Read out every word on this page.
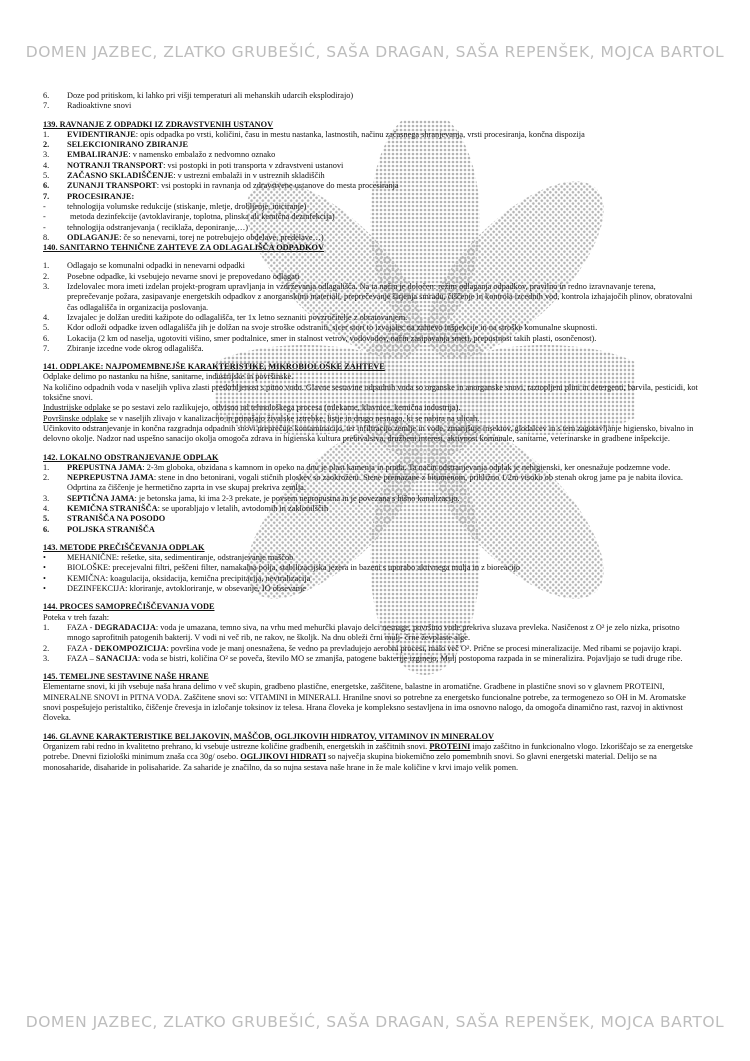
DOMEN JAZBEC, ZLATKO GRUBEŠIĆ, SAŠA DRAGAN, SAŠA REPENŠEK, MOJCA BARTOL
6.	Doze pod pritiskom, ki lahko pri višji temperaturi ali mehanskih udarcih eksplodirajo)
7.	Radioaktivne snovi
139. RAVNANJE Z ODPADKI IZ ZDRAVSTVENIH USTANOV
1.	EVIDENTIRANJE: opis odpadka po vrsti, količini, času in mestu nastanka, lastnostih, načinu začasnega shranjevanja, vrsti procesiranja, končna dispozija
2.	SELEKCIONIRANO ZBIRANJE
3.	EMBALIRANJE: v namensko embalažo z nedvomno oznako
4.	NOTRANJI TRANSPORT: vsi postopki in poti transporta v zdravstveni ustanovi
5.	ZAČASNO SKLADIŠČENJE: v ustrezni embalaži in v ustreznih skladiščih
6.	ZUNANJI TRANSPORT: vsi postopki in ravnanja od zdravstvene ustanove do mesta procesiranja
7.	PROCESIRANJE:
-	tehnologija volumske redukcije (stiskanje, mletje, drobljenje, iniciranje)
-	metoda dezinfekcije (avtoklaviranje, toplotna, plinska ali kemična dezinfekcija)
-	tehnologija odstranjevanja ( reciklaža, deponiranje,…)
8.	ODLAGANJE: če so nenevarni, torej ne potrebujejo obdelave, predelave…)
140. SANITARNO TEHNIČNE ZAHTEVE ZA ODLAGALIŠČA ODPADKOV
1.	Odlagajo se komunalni odpadki in nenevarni odpadki
2.	Posebne odpadke, ki vsebujejo nevarne snovi je prepovedano odlagati
3.	Izdelovalec mora imeti izdelan projekt-program upravljanja in vzdrževanja odlagališča. Na ta način je določen: režim odlaganja odpadkov, pravilno in redno izravnavanje terena, preprečevanje požara, zasipavanje energetskih odpadkov z anorganskimi materiali, preprečevanje širjenja smradu, čiščenje in kontrola izcednih vod, kontrola izhajajočih plinov, obratovalni čas odlagališča in organizacija poslovanja.
4.	Izvajalec je dolžan urediti kažipote do odlagališča, ter 1x letno seznaniti povzročitelje z obratovanjem.
5.	Kdor odloži odpadke izven odlagališča jih je dolžan na svoje stroške odstraniti, sicer stori to izvajalec na zahtevo inšpekcije in na stroške komunalne skupnosti.
6.	Lokacija (2 km od naselja, ugotoviti višino, smer podtalnice, smer in stalnost vetrov, vodovodov, način zasipavanja smeti, prepustnost takih plasti, osončenost).
7.	Zbiranje izcedne vode okrog odlagališča.
141. ODPLAKE: NAJPOMEMBNEJŠE KARAKTERISTIKE, MIKROBIOLOŠKE ZAHTEVE
Odplake delimo po nastanku na hišne, sanitarne, industrijske in površinske.
Na količino odpadnih voda v naseljih vpliva zlasti preskrbljenost s pitno vodo. Glavne sestavine odpadnih voda so organske in anorganske snovi, raztopljeni plini in detergenti, barvila, pesticidi, kot toksične snovi.
Industrijske odplake se po sestavi zelo razlikujejo, odvisno od tehnološkega procesa (mlekarne, klavnice, kemična industrija).
Površinske odplake se v naseljih zlivajo v kanalizacijo in prinašajo živalske iztrebke, listje in drugo nesnago, ki se nabira na ulicah.
Učinkovito odstranjevanje in končna razgradnja odpadnih snovi preprečuje kontaminacijo, ter infiltracijo zemlje in vode, zmanjšuje insektov, glodalcev in s tem zagotavljanje higiensko, bivalno in delovno okolje. Nadzor nad uspešno sanacijo okolja omogoča zdrava in higienska kultura prebivalstva, družbeni interesi, aktivnost komunale, sanitarne, veterinarske in gradbene inšpekcije.
142. LOKALNO ODSTRANJEVANJE ODPLAK
1.	PREPUSTNA JAMA: 2-3m globoka, obzidana s kamnom in opeko na dnu je plast kamenja in proda. Ta način odstranjevanja odplak je nehigienski, ker onesnažuje podzemne vode.
2.	NEPREPUSTNA JAMA: stene in dno betonirani, vogali stičnih ploskev so zaokroženi. Stene premazane z bitumenom, približno 1/2m visoko ob stenah okrog jame pa je nabita ilovica. Odprtina za čiščenje je hermetično zaprta in vse skupaj prekriva zemlja.
3.	SEPTIČNA JAMA: je betonska jama, ki ima 2-3 prekate, je povsem nepropustna in je povezana s hišno kanalizacijo.
4.	KEMIČNA STRANIŠČA: se uporabljajo v letalih, avtodomih in zaklonilščih
5.	STRANIŠČA NA POSODO
6.	POLJSKA STRANIŠČA
143. METODE PREČIŠČEVANJA ODPLAK
•	MEHANIČNE: rešetke, sita, sedimentiranje, odstranjevanje maščob
•	BIOLOŠKE: precejevalni filtri, peščeni filter, namakalna polja, stabilizacijska jezera in bazeni s uporabo aktivnega mulja in z bioreacijo
•	KEMIČNA: koagulacija, oksidacija, kemična precipitacija, nevtralizacija
•	DEZINFEKCIJA: kloriranje, avtokloriranje, w obsevanje, IO obsevanje
144. PROCES SAMOPREČIŠČEVANJA VODE
Poteka v treh fazah:
1.	FAZA - DEGRADACIJA: voda je umazana, temno siva, na vrhu med mehurčki plavajo delci nesnage, površino vode prekriva sluzava prevleka. Nasičenost z O² je zelo nizka, prisotno mnogo saprofitnih patogenih bakterij. V vodi ni več rib, ne rakov, ne školjk. Na dnu obleži črni mulj- črne ževplaste alge.
2.	FAZA - DEKOMPOZICIJA: površina vode je manj onesnažena, še vedno pa prevladujejo aerobni procesi, malo več O². Prične se procesi mineralizacije. Med ribami se pojavijo krapi.
3.	FAZA – SANACIJA: voda se bistri, količina O² se poveča, število MO se zmanjša, patogene bakterije izginejo, Mulj postopoma razpada in se mineralizira. Pojavljajo se tudi druge ribe.
145. TEMELJNE SESTAVINE NAŠE HRANE
Elementarne snovi, ki jih vsebuje naša hrana delimo v več skupin, gradbeno plastične, energetske, zaščitene, balastne in aromatične. Gradbene in plastične snovi so v glavnem PROTEINI, MINERALNE SNOVI in PITNA VODA. Zaščitene snovi so: VITAMINI in MINERALI. Hranilne snovi so potrebne za energetsko funcionalne potrebe, za termogenezo so OH in M. Aromatske snovi pospešujejo peristaltiko, čiščenje črevesja in izločanje toksinov iz telesa. Hrana človeka je kompleksno sestavljena in ima osnovno nalogo, da omogoča dinamično rast, razvoj in aktivnost človeka.
146. GLAVNE KARAKTERISTIKE BELJAKOVIN, MAŠČOB, OGLJIKOVIH HIDRATOV, VITAMINOV IN MINERALOV
Organizem rabi redno in kvalitetno prehrano, ki vsebuje ustrezne količine gradbenih, energetskih in zaščitnih snovi. PROTEINI imajo zaščitno in funkcionalno vlogo. Izkoriščajo se za energetske potrebe. Dnevni fiziološki minimum znaša cca 30g/ osebo. OGLJIKOVI HIDRATI so največja skupina biokemično zelo pomembnih snovi. So glavni energetski material. Delijo se na monosaharide, disaharide in polisaharide. Za saharide je značilno, da so nujna sestava naše hrane in že male količine v krvi imajo velik pomen.
DOMEN JAZBEC, ZLATKO GRUBEŠIĆ, SAŠA DRAGAN, SAŠA REPENŠEK, MOJCA BARTOL
